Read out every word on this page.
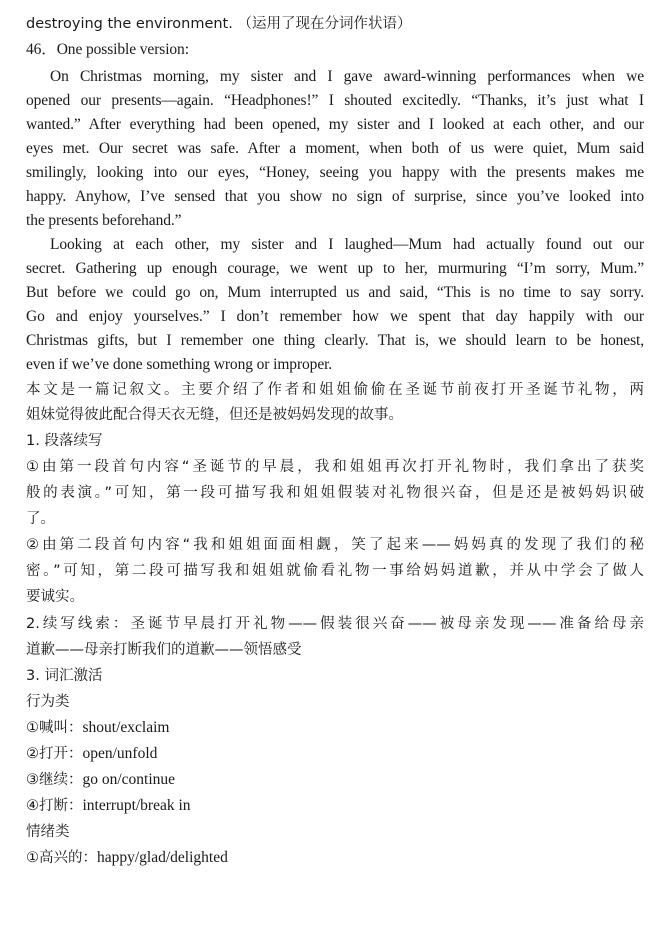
destroying the environment. （运用了现在分词作状语）
46．One possible version:
On Christmas morning, my sister and I gave award-winning performances when we
opened our presents—again. “Headphones!” I shouted excitedly. “Thanks, it’s just what I
wanted.” After everything had been opened, my sister and I looked at each other, and our
eyes met. Our secret was safe. After a moment, when both of us were quiet, Mum said
smilingly, looking into our eyes, “Honey, seeing you happy with the presents makes me
happy. Anyhow, I’ve sensed that you show no sign of surprise, since you’ve looked into
the presents beforehand.”
Looking at each other, my sister and I laughed—Mum had actually found out our
secret. Gathering up enough courage, we went up to her, murmuring “I’m sorry, Mum.”
But before we could go on, Mum interrupted us and said, “This is no time to say sorry.
Go and enjoy yourselves.” I don’t remember how we spent that day happily with our
Christmas gifts, but I remember one thing clearly. That is, we should learn to be honest,
even if we’ve done something wrong or improper.
本文是一篇记叙文。主要介绍了作者和姐姐偷偷在圣诞节前夜打开圣诞节礼物，两
姐妹觉得彼此配合得天衣无缝，但还是被妈妈发现的故事。
1. 段落续写
①由第一段首句内容“圣诞节的早晨，我和姐姐再次打开礼物时，我们拿出了获奖
般的表演。”可知，第一段可描写我和姐姐假装对礼物很兴奋，但是还是被妈妈识破
了。
②由第二段首句内容“我和姐姐面面相觑，笑了起来——妈妈真的发现了我们的秘
密。”可知，第二段可描写我和姐姐就偷看礼物一事给妈妈道歉，并从中学会了做人
要诚实。
2.续写线索：圣诞节早晨打开礼物——假装很兴奋——被母亲发现——准备给母亲
道歉——母亲打断我们的道歉——领悟感受
3. 词汇激活
行为类
①喊叫：shout/exclaim
②打开：open/unfold
③继续：go on/continue
④打断：interrupt/break in
情绪类
①高兴的：happy/glad/delighted
